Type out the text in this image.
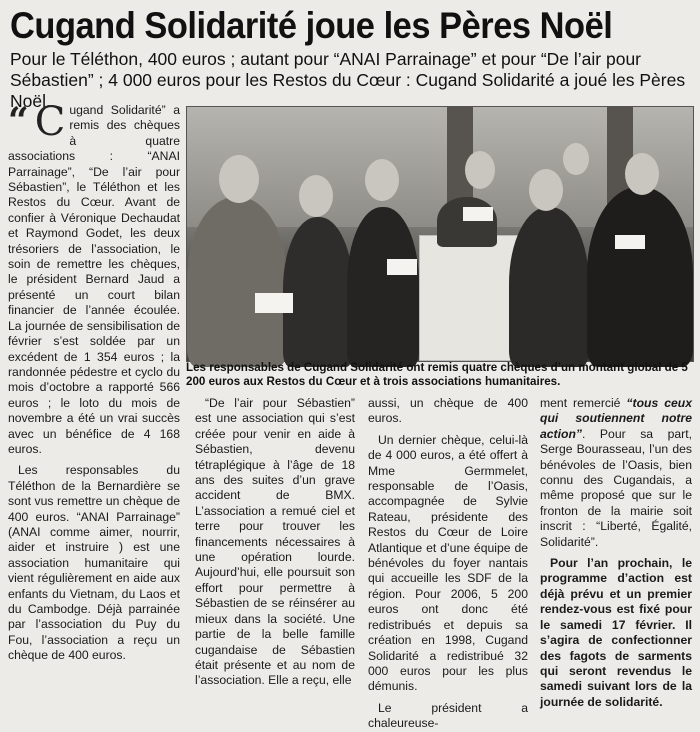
Cugand Solidarité joue les Pères Noël
Pour le Téléthon, 400 euros ; autant pour “ANAI Parrainage” et pour “De l’air pour Sébastien” ; 4 000 euros pour les Restos du Cœur : Cugand Solidarité a joué les Pères Noël.

“ C ugand Solidarité” a remis des chèques à quatre associations : “ANAI Parrainage”, “De l’air pour Sébastien”, le Téléthon et les Restos du Cœur. Avant de confier à Véronique Dechaudat et Raymond Godet, les deux trésoriers de l’association, le soin de remettre les chèques, le président Bernard Jaud a présenté un court bilan financier de l’année écoulée. La journée de sensibilisation de février s’est soldée par un excédent de 1 354 euros ; la randonnée pédestre et cyclo du mois d’octobre a rapporté 566 euros ; le loto du mois de novembre a été un vrai succès avec un bénéfice de 4 168 euros.

Les responsables du Téléthon de la Bernardière se sont vus remettre un chèque de 400 euros. “ANAI Parrainage” (ANAI comme aimer, nourrir, aider et instruire ) est une association humanitaire qui vient régulièrement en aide aux enfants du Vietnam, du Laos et du Cambodge. Déjà parrainée par l’association du Puy du Fou, l’association a reçu un chèque de 400 euros.

Les responsables de Cugand Solidarité ont remis quatre chèques d’un montant global de 5 200 euros aux Restos du Cœur et à trois associations humanitaires.

“De l’air pour Sébastien” est une association qui s’est créée pour venir en aide à Sébastien, devenu tétraplégique à l’âge de 18 ans des suites d’un grave accident de BMX. L’association a remué ciel et terre pour trouver les financements nécessaires à une opération lourde. Aujourd’hui, elle poursuit son effort pour permettre à Sébastien de se réinsérer au mieux dans la société. Une partie de la belle famille cugandaise de Sébastien était présente et au nom de l’association. Elle a reçu, elle

aussi, un chèque de 400 euros.

Un dernier chèque, celui-là de 4 000 euros, a été offert à Mme Germmelet, responsable de l’Oasis, accompagnée de Sylvie Rateau, présidente des Restos du Cœur de Loire Atlantique et d’une équipe de bénévoles du foyer nantais qui accueille les SDF de la région. Pour 2006, 5 200 euros ont donc été redistribués et depuis sa création en 1998, Cugand Solidarité a redistribué 32 000 euros pour les plus démunis.

Le président a chaleureuse-

ment remercié “tous ceux qui soutiennent notre action”. Pour sa part, Serge Bourasseau, l’un des bénévoles de l’Oasis, bien connu des Cugandais, a même proposé que sur le fronton de la mairie soit inscrit : “Liberté, Égalité, Solidarité”.

Pour l’an prochain, le programme d’action est déjà prévu et un premier rendez-vous est fixé pour le samedi 17 février. Il s’agira de confectionner des fagots de sarments qui seront revendus le samedi suivant lors de la journée de solidarité.
